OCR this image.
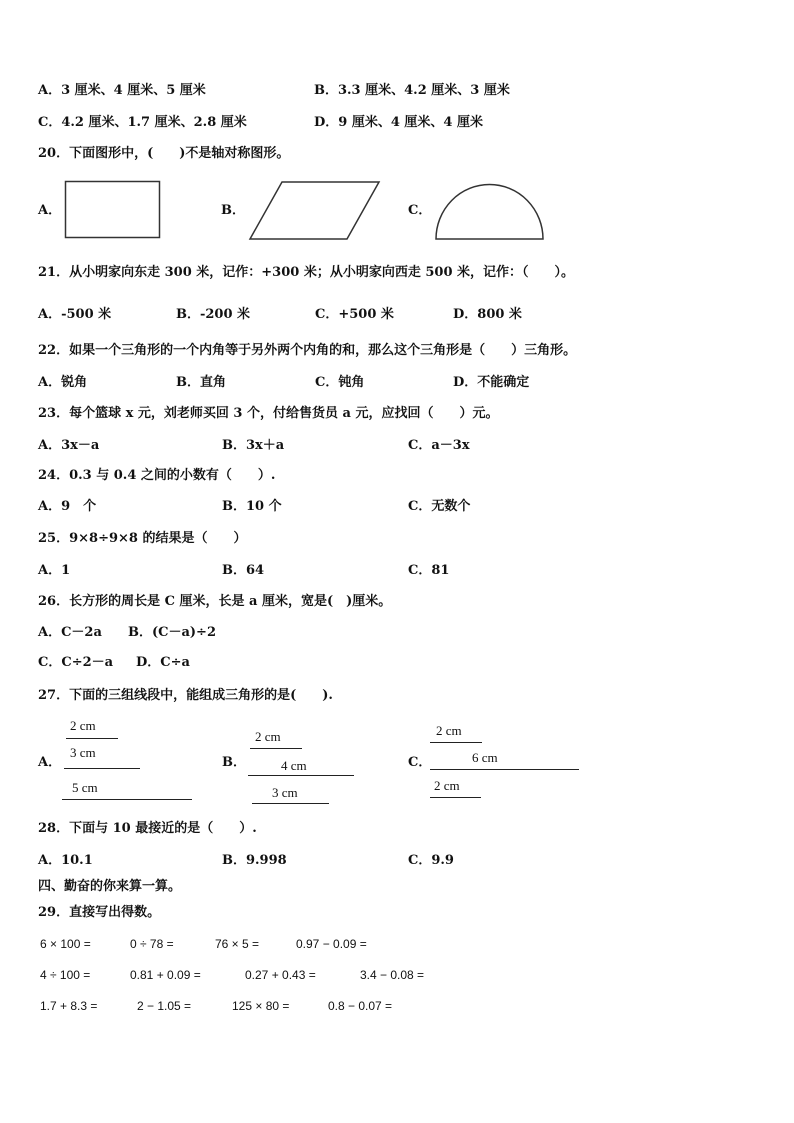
A．3 厘米、4 厘米、5 厘米	B．3.3 厘米、4.2 厘米、3 厘米
C．4.2 厘米、1.7 厘米、2.8 厘米	D．9 厘米、4 厘米、4 厘米
20．下面图形中，(　　)不是轴对称图形。
A．	B．	C．
21．从小明家向东走 300 米，记作：+300 米；从小明家向西走 500 米，记作：（　　）。
A．-500 米	B．-200 米	C．+500 米	D．800 米
22．如果一个三角形的一个内角等于另外两个内角的和，那么这个三角形是（　　）三角形。
A．锐角	B．直角	C．钝角	D．不能确定
23．每个篮球 x 元，刘老师买回 3 个，付给售货员 a 元，应找回（　　）元。
A．3x－a	B．3x＋a	C．a－3x
24．0.3 与 0.4 之间的小数有（　　）.
A．9　个	B．10 个	C．无数个
25．9×8÷9×8 的结果是（　　）
A．1	B．64	C．81
26．长方形的周长是 C 厘米，长是 a 厘米，宽是(　)厘米。
A．C－2a B．(C－a)÷2
C．C÷2－a D．C÷a
27．下面的三组线段中，能组成三角形的是(　　).
A．
2 cm
3 cm
5 cm
B．
2 cm
4 cm
3 cm
C．
2 cm
6 cm
2 cm
28．下面与 10 最接近的是（　　）.
A．10.1	B．9.998	C．9.9
四、勤奋的你来算一算。
29．直接写出得数。
6 × 100 =	0 ÷ 78 =	76 × 5 =	0.97 − 0.09 =
4 ÷ 100 =	0.81 + 0.09 =	0.27 + 0.43 =	3.4 − 0.08 =
1.7 + 8.3 =	2 − 1.05 =	125 × 80 =	0.8 − 0.07 =
